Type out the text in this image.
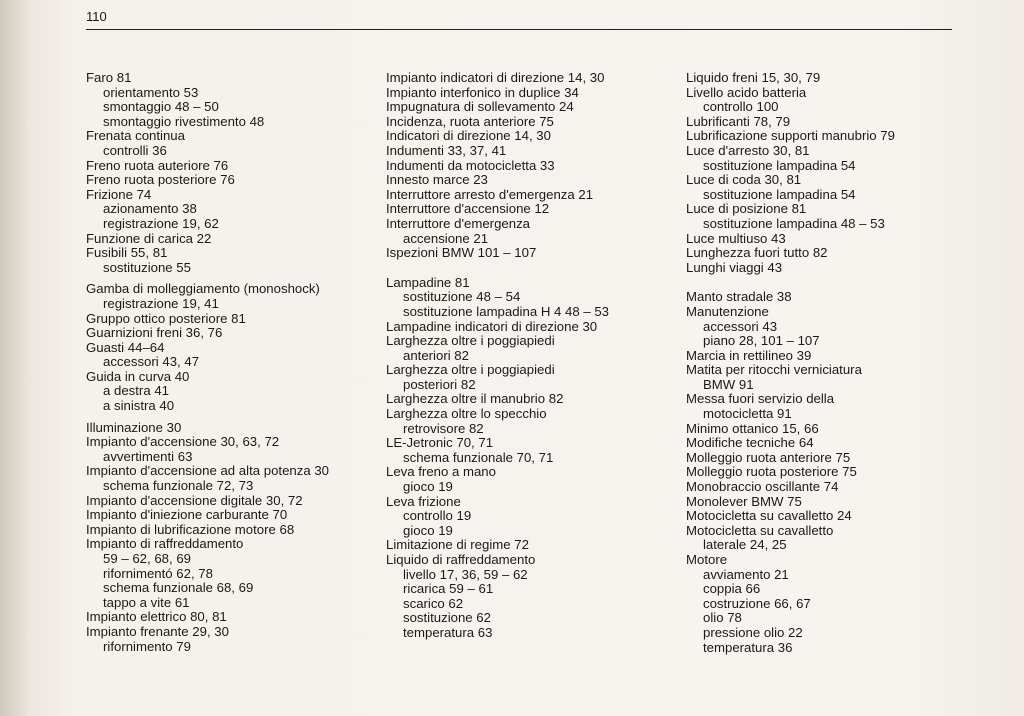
110
Faro 81
orientamento 53
smontaggio 48 – 50
smontaggio rivestimento 48
Frenata continua
controlli 36
Freno ruota auteriore 76
Freno ruota posteriore 76
Frizione 74
azionamento 38
registrazione 19, 62
Funzione di carica 22
Fusibili 55, 81
sostituzione 55
Gamba di molleggiamento (monoshock)
registrazione 19, 41
Gruppo ottico posteriore 81
Guarnizioni freni 36, 76
Guasti 44–64
accessori 43, 47
Guida in curva 40
a destra 41
a sinistra 40
Illuminazione 30
Impianto d'accensione 30, 63, 72
avvertimenti 63
Impianto d'accensione ad alta potenza 30
schema funzionale 72, 73
Impianto d'accensione digitale 30, 72
Impianto d'iniezione carburante 70
Impianto di lubrificazione motore 68
Impianto di raffreddamento
59 – 62, 68, 69
rifornimentó 62, 78
schema funzionale 68, 69
tappo a vite 61
Impianto elettrico 80, 81
Impianto frenante 29, 30
rifornimento 79
Impianto indicatori di direzione 14, 30
Impianto interfonico in duplice 34
Impugnatura di sollevamento 24
Incidenza, ruota anteriore 75
Indicatori di direzione 14, 30
Indumenti 33, 37, 41
Indumenti da motocicletta 33
Innesto marce 23
Interruttore arresto d'emergenza 21
Interruttore d'accensione 12
Interruttore d'emergenza
accensione 21
Ispezioni BMW 101 – 107
Lampadine 81
sostituzione 48 – 54
sostituzione lampadina H 4 48 – 53
Lampadine indicatori di direzione 30
Larghezza oltre i poggiapiedi
anteriori 82
Larghezza oltre i poggiapiedi
posteriori 82
Larghezza oltre il manubrio 82
Larghezza oltre lo specchio
retrovisore 82
LE-Jetronic 70, 71
schema funzionale 70, 71
Leva freno a mano
gioco 19
Leva frizione
controllo 19
gioco 19
Limitazione di regime 72
Liquido di raffreddamento
livello 17, 36, 59 – 62
ricarica 59 – 61
scarico 62
sostituzione 62
temperatura 63
Liquido freni 15, 30, 79
Livello acido batteria
controllo 100
Lubrificanti 78, 79
Lubrificazione supporti manubrio 79
Luce d'arresto 30, 81
sostituzione lampadina 54
Luce di coda 30, 81
sostituzione lampadina 54
Luce di posizione 81
sostituzione lampadina 48 – 53
Luce multiuso 43
Lunghezza fuori tutto 82
Lunghi viaggi 43
Manto stradale 38
Manutenzione
accessori 43
piano 28, 101 – 107
Marcia in rettilineo 39
Matita per ritocchi verniciatura
BMW 91
Messa fuori servizio della
motocicletta 91
Minimo ottanico 15, 66
Modifiche tecniche 64
Molleggio ruota anteriore 75
Molleggio ruota posteriore 75
Monobraccio oscillante 74
Monolever BMW 75
Motocicletta su cavalletto 24
Motocicletta su cavalletto
laterale 24, 25
Motore
avviamento 21
coppia 66
costruzione 66, 67
olio 78
pressione olio 22
temperatura 36
